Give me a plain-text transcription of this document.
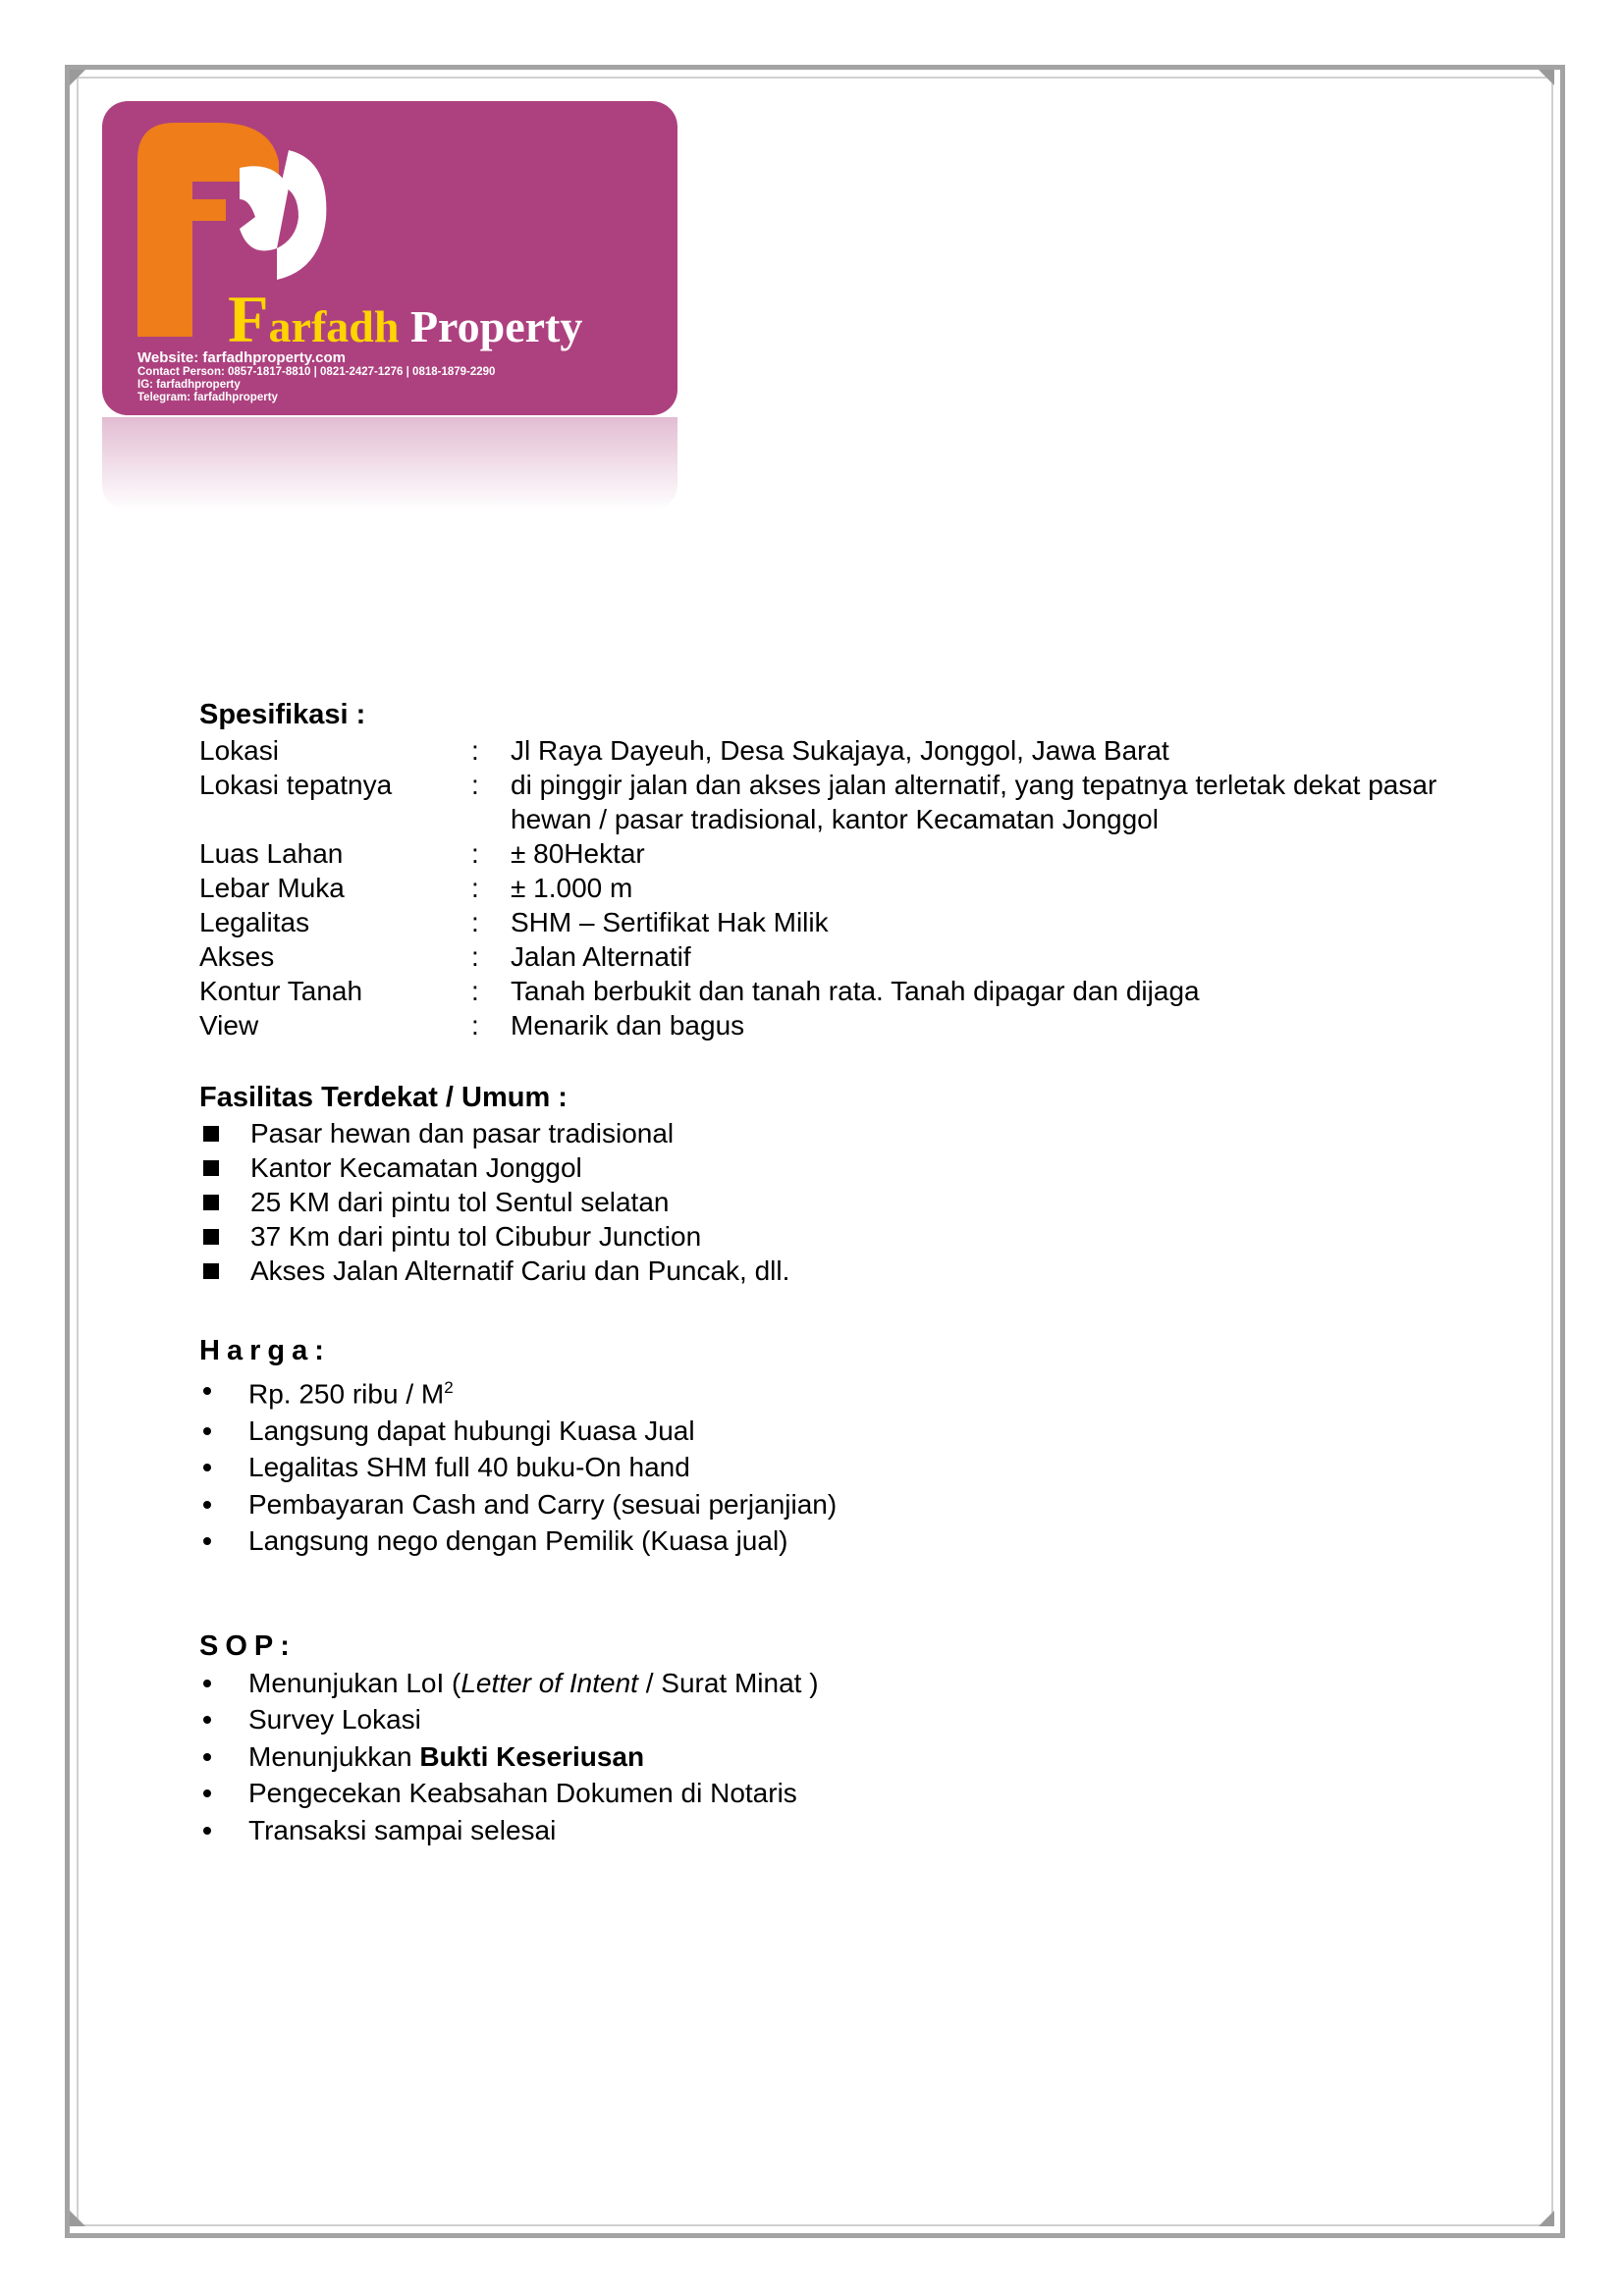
Farfadh Property
Website: farfadhproperty.com
Contact Person: 0857-1817-8810 | 0821-2427-1276 | 0818-1879-2290
IG: farfadhproperty
Telegram: farfadhproperty
Spesifikasi :
Lokasi	:	Jl Raya Dayeuh, Desa Sukajaya, Jonggol, Jawa Barat
Lokasi tepatnya	:	di pinggir jalan dan akses jalan alternatif, yang tepatnya terletak dekat pasar hewan / pasar tradisional, kantor Kecamatan Jonggol
Luas Lahan	:	± 80Hektar
Lebar Muka	:	± 1.000 m
Legalitas	:	SHM – Sertifikat Hak Milik
Akses	:	Jalan Alternatif
Kontur Tanah	:	Tanah berbukit dan tanah rata. Tanah dipagar dan dijaga
View	:	Menarik dan bagus
Fasilitas Terdekat / Umum :
Pasar hewan dan pasar tradisional
Kantor Kecamatan Jonggol
25 KM dari pintu tol Sentul selatan
37 Km dari pintu tol Cibubur Junction
Akses Jalan Alternatif Cariu dan Puncak, dll.
Harga:
Rp. 250 ribu / $M^2$
Langsung dapat hubungi Kuasa Jual
Legalitas SHM full 40 buku-On hand
Pembayaran Cash and Carry (sesuai perjanjian)
Langsung nego dengan Pemilik (Kuasa jual)
SOP:
Menunjukan LoI (Letter of Intent / Surat Minat )
Survey Lokasi
Menunjukkan Bukti Keseriusan
Pengecekan Keabsahan Dokumen di Notaris
Transaksi sampai selesai
